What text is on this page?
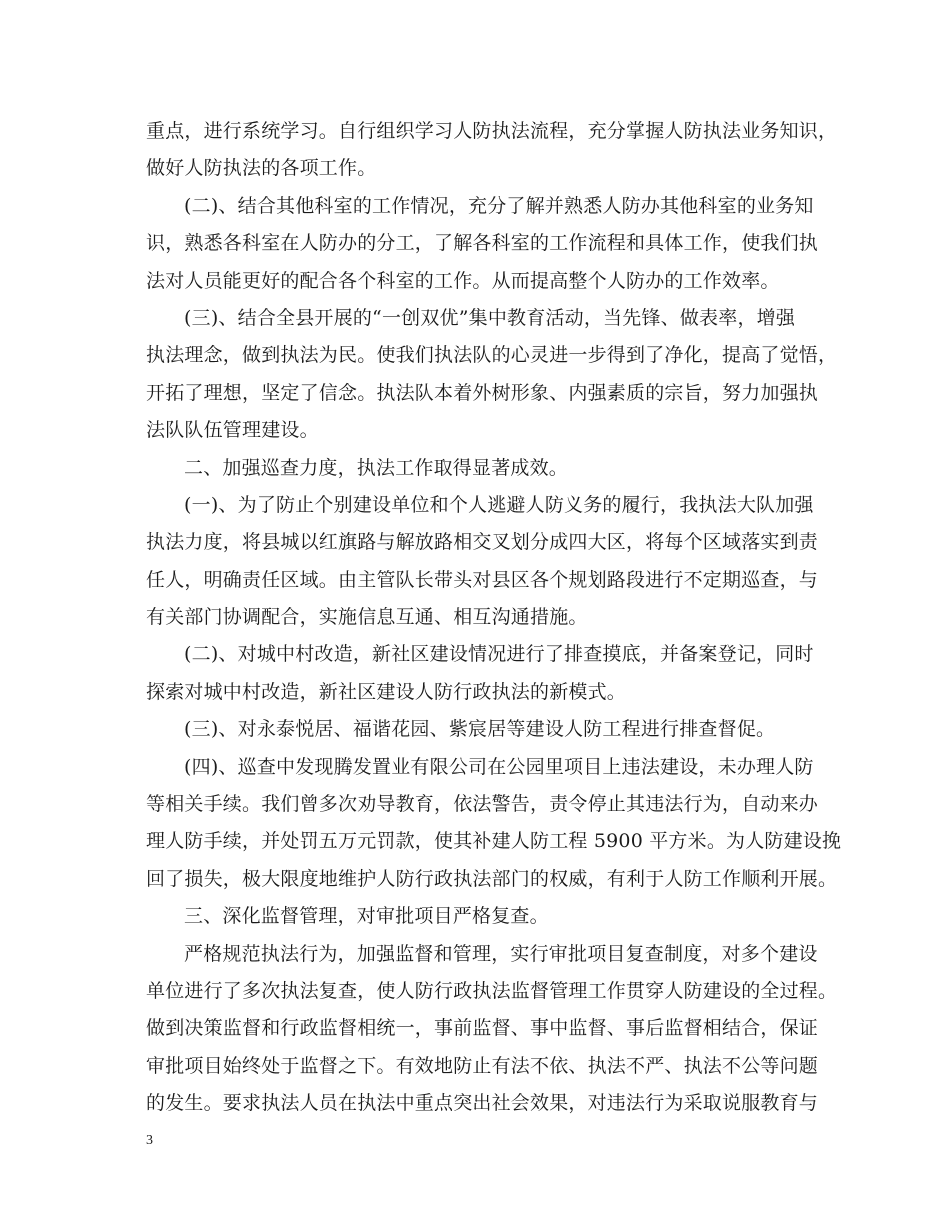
重点，进行系统学习。自行组织学习人防执法流程，充分掌握人防执法业务知识，
做好人防执法的各项工作。
(二)、结合其他科室的工作情况，充分了解并熟悉人防办其他科室的业务知
识，熟悉各科室在人防办的分工，了解各科室的工作流程和具体工作，使我们执
法对人员能更好的配合各个科室的工作。从而提高整个人防办的工作效率。
(三)、结合全县开展的“一创双优”集中教育活动，当先锋、做表率，增强
执法理念，做到执法为民。使我们执法队的心灵进一步得到了净化，提高了觉悟，
开拓了理想，坚定了信念。执法队本着外树形象、内强素质的宗旨，努力加强执
法队队伍管理建设。
二、加强巡查力度，执法工作取得显著成效。
(一)、为了防止个别建设单位和个人逃避人防义务的履行，我执法大队加强
执法力度，将县城以红旗路与解放路相交叉划分成四大区，将每个区域落实到责
任人，明确责任区域。由主管队长带头对县区各个规划路段进行不定期巡查，与
有关部门协调配合，实施信息互通、相互沟通措施。
(二)、对城中村改造，新社区建设情况进行了排查摸底，并备案登记，同时
探索对城中村改造，新社区建设人防行政执法的新模式。
(三)、对永泰悦居、福谐花园、紫宸居等建设人防工程进行排查督促。
(四)、巡查中发现腾发置业有限公司在公园里项目上违法建设，未办理人防
等相关手续。我们曾多次劝导教育，依法警告，责令停止其违法行为，自动来办
理人防手续，并处罚五万元罚款，使其补建人防工程 5900 平方米。为人防建设挽
回了损失，极大限度地维护人防行政执法部门的权威，有利于人防工作顺利开展。
三、深化监督管理，对审批项目严格复查。
严格规范执法行为，加强监督和管理，实行审批项目复查制度，对多个建设
单位进行了多次执法复查，使人防行政执法监督管理工作贯穿人防建设的全过程。
做到决策监督和行政监督相统一，事前监督、事中监督、事后监督相结合，保证
审批项目始终处于监督之下。有效地防止有法不依、执法不严、执法不公等问题
的发生。要求执法人员在执法中重点突出社会效果，对违法行为采取说服教育与
3
